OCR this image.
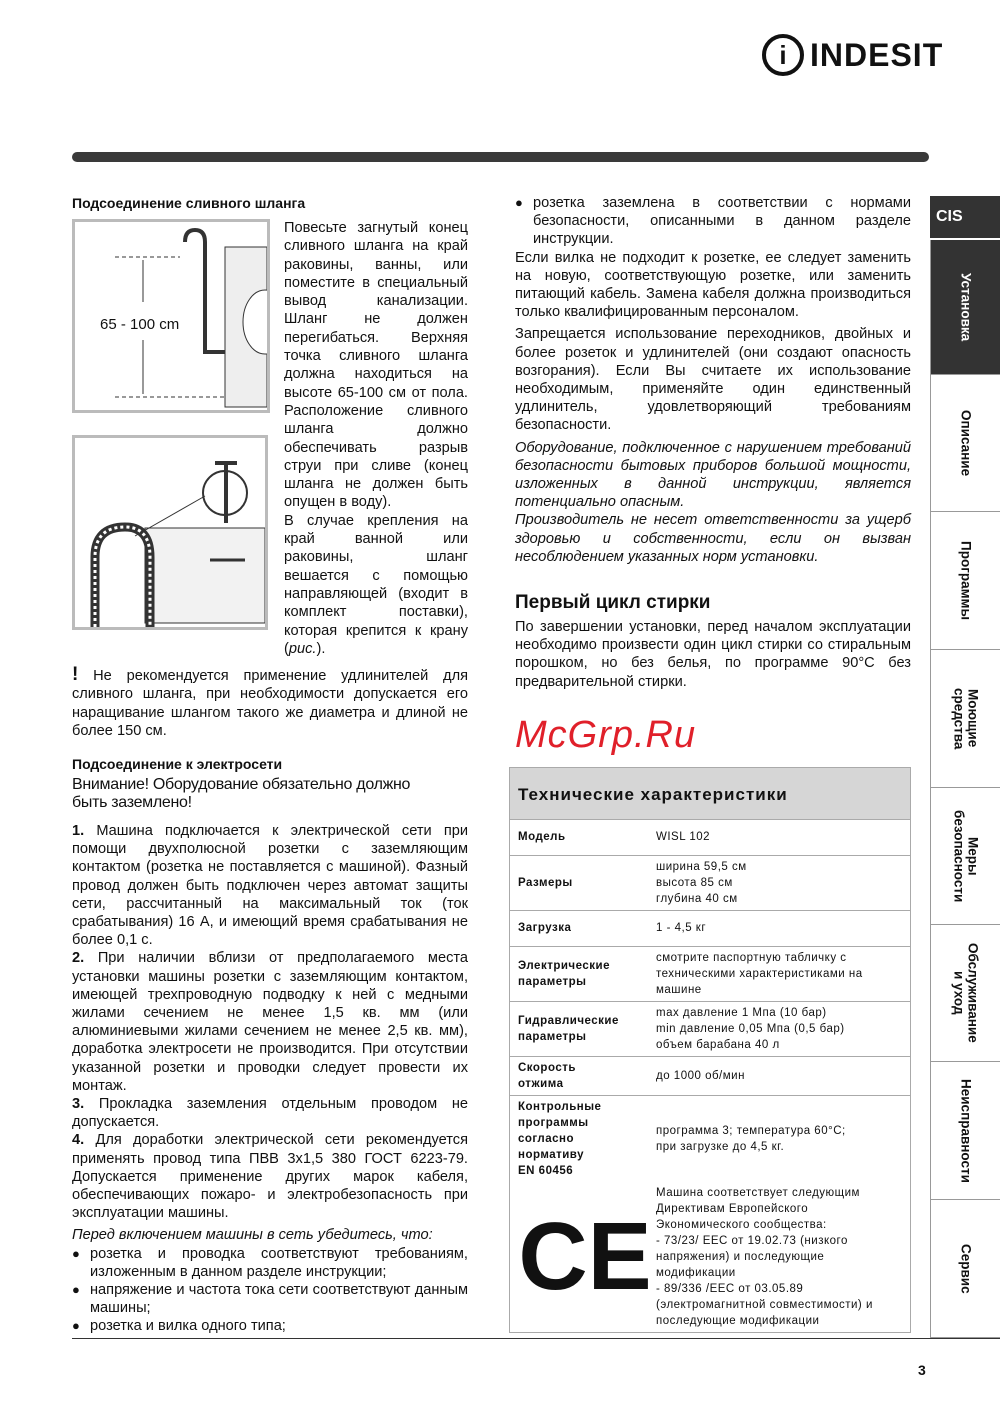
i INDESIT
Подсоединение сливного шланга
65 - 100 cm
Повесьте загнутый конец сливного шланга на край раковины, ванны, или поместите в специальный вывод канализации. Шланг не должен перегибаться. Верхняя точка сливного шланга должна находиться на высоте 65-100 см от пола. Расположение сливного шланга должно обеспечивать разрыв струи при сливе (конец шланга не должен быть опущен в воду).
В случае крепления на край ванной или раковины, шланг вешается с помощью направляющей (входит в комплект поставки), которая крепится к крану (рис.).
! Не рекомендуется применение удлинителей для сливного шланга, при необходимости допускается его наращивание шлангом такого же диаметра и длиной не более 150 см.
Подсоединение к электросети
Внимание! Оборудование обязательно должно быть заземлено!
1. Машина подключается к электрической сети при помощи двухполюсной розетки с заземляющим контактом (розетка не поставляется с машиной). Фазный провод должен быть подключен через автомат защиты сети, рассчитанный на максимальный ток (ток срабатывания) 16 А, и имеющий время срабатывания не более 0,1 с.
2. При наличии вблизи от предполагаемого места установки машины розетки с заземляющим контактом, имеющей трехпроводную подводку к ней с медными жилами сечением не менее 1,5 кв. мм (или алюминиевыми жилами сечением не менее 2,5 кв. мм), доработка электросети не производится. При отсутствии указанной розетки и проводки следует провести их монтаж.
3. Прокладка заземления отдельным проводом не допускается.
4. Для доработки электрической сети рекомендуется применять провод типа ПВВ 3х1,5 380 ГОСТ 6223-79. Допускается применение других марок кабеля, обеспечивающих пожаро- и электробезопасность при эксплуатации машины.
Перед включением машины в сеть убедитесь, что:
● розетка и проводка соответствуют требованиям, изложенным в данном разделе инструкции;
● напряжение и частота тока сети соответствуют данным машины;
● розетка и вилка одного типа;
● розетка заземлена в соответствии с нормами безопасности, описанными в данном разделе инструкции.
Если вилка не подходит к розетке, ее следует заменить на новую, соответствующую розетке, или заменить питающий кабель. Замена кабеля должна производиться только квалифицированным персоналом.
Запрещается использование переходников, двойных и более розеток и удлинителей (они создают опасность возгорания). Если Вы считаете их использование необходимым, применяйте один единственный удлинитель, удовлетворяющий требованиям безопасности.
Оборудование, подключенное с нарушением требований безопасности бытовых приборов большой мощности, изложенных в данной инструкции, является потенциально опасным.
Производитель не несет ответственности за ущерб здоровью и собственности, если он вызван несоблюдением указанных норм установки.
Первый цикл стирки
По завершении установки, перед началом эксплуатации необходимо произвести один цикл стирки со стиральным порошком, но без белья, по программе 90°С без предварительной стирки.
McGrp.Ru
Технические характеристики
Модель	WISL 102
Размеры
ширина 59,5 см
высота 85 см
глубина 40 см
Загрузка	1 - 4,5 кг
Электрические
параметры
смотрите паспортную табличку с техническими характеристиками на машине
Гидравлические
параметры
max давление 1 Мпа (10 бар)
min давление 0,05 Мпа (0,5 бар)
объем барабана 40 л
Скорость
отжима
до 1000 об/мин
Контрольные
программы
согласно
нормативу
EN 60456
программа 3; температура 60°С;
при загрузке до 4,5 кг.
C E
Машина соответствует следующим Директивам Европейского Экономического сообщества:
- 73/23/ EEC от 19.02.73 (низкого напряжения) и последующие модификации
- 89/336 /EEC от 03.05.89 (электромагнитной совместимости) и последующие модификации
CIS
Установка
Описание
Программы
Моющие
средства
Меры
безопасности
Обслуживание
и уход
Неисправности
Сервис
3
